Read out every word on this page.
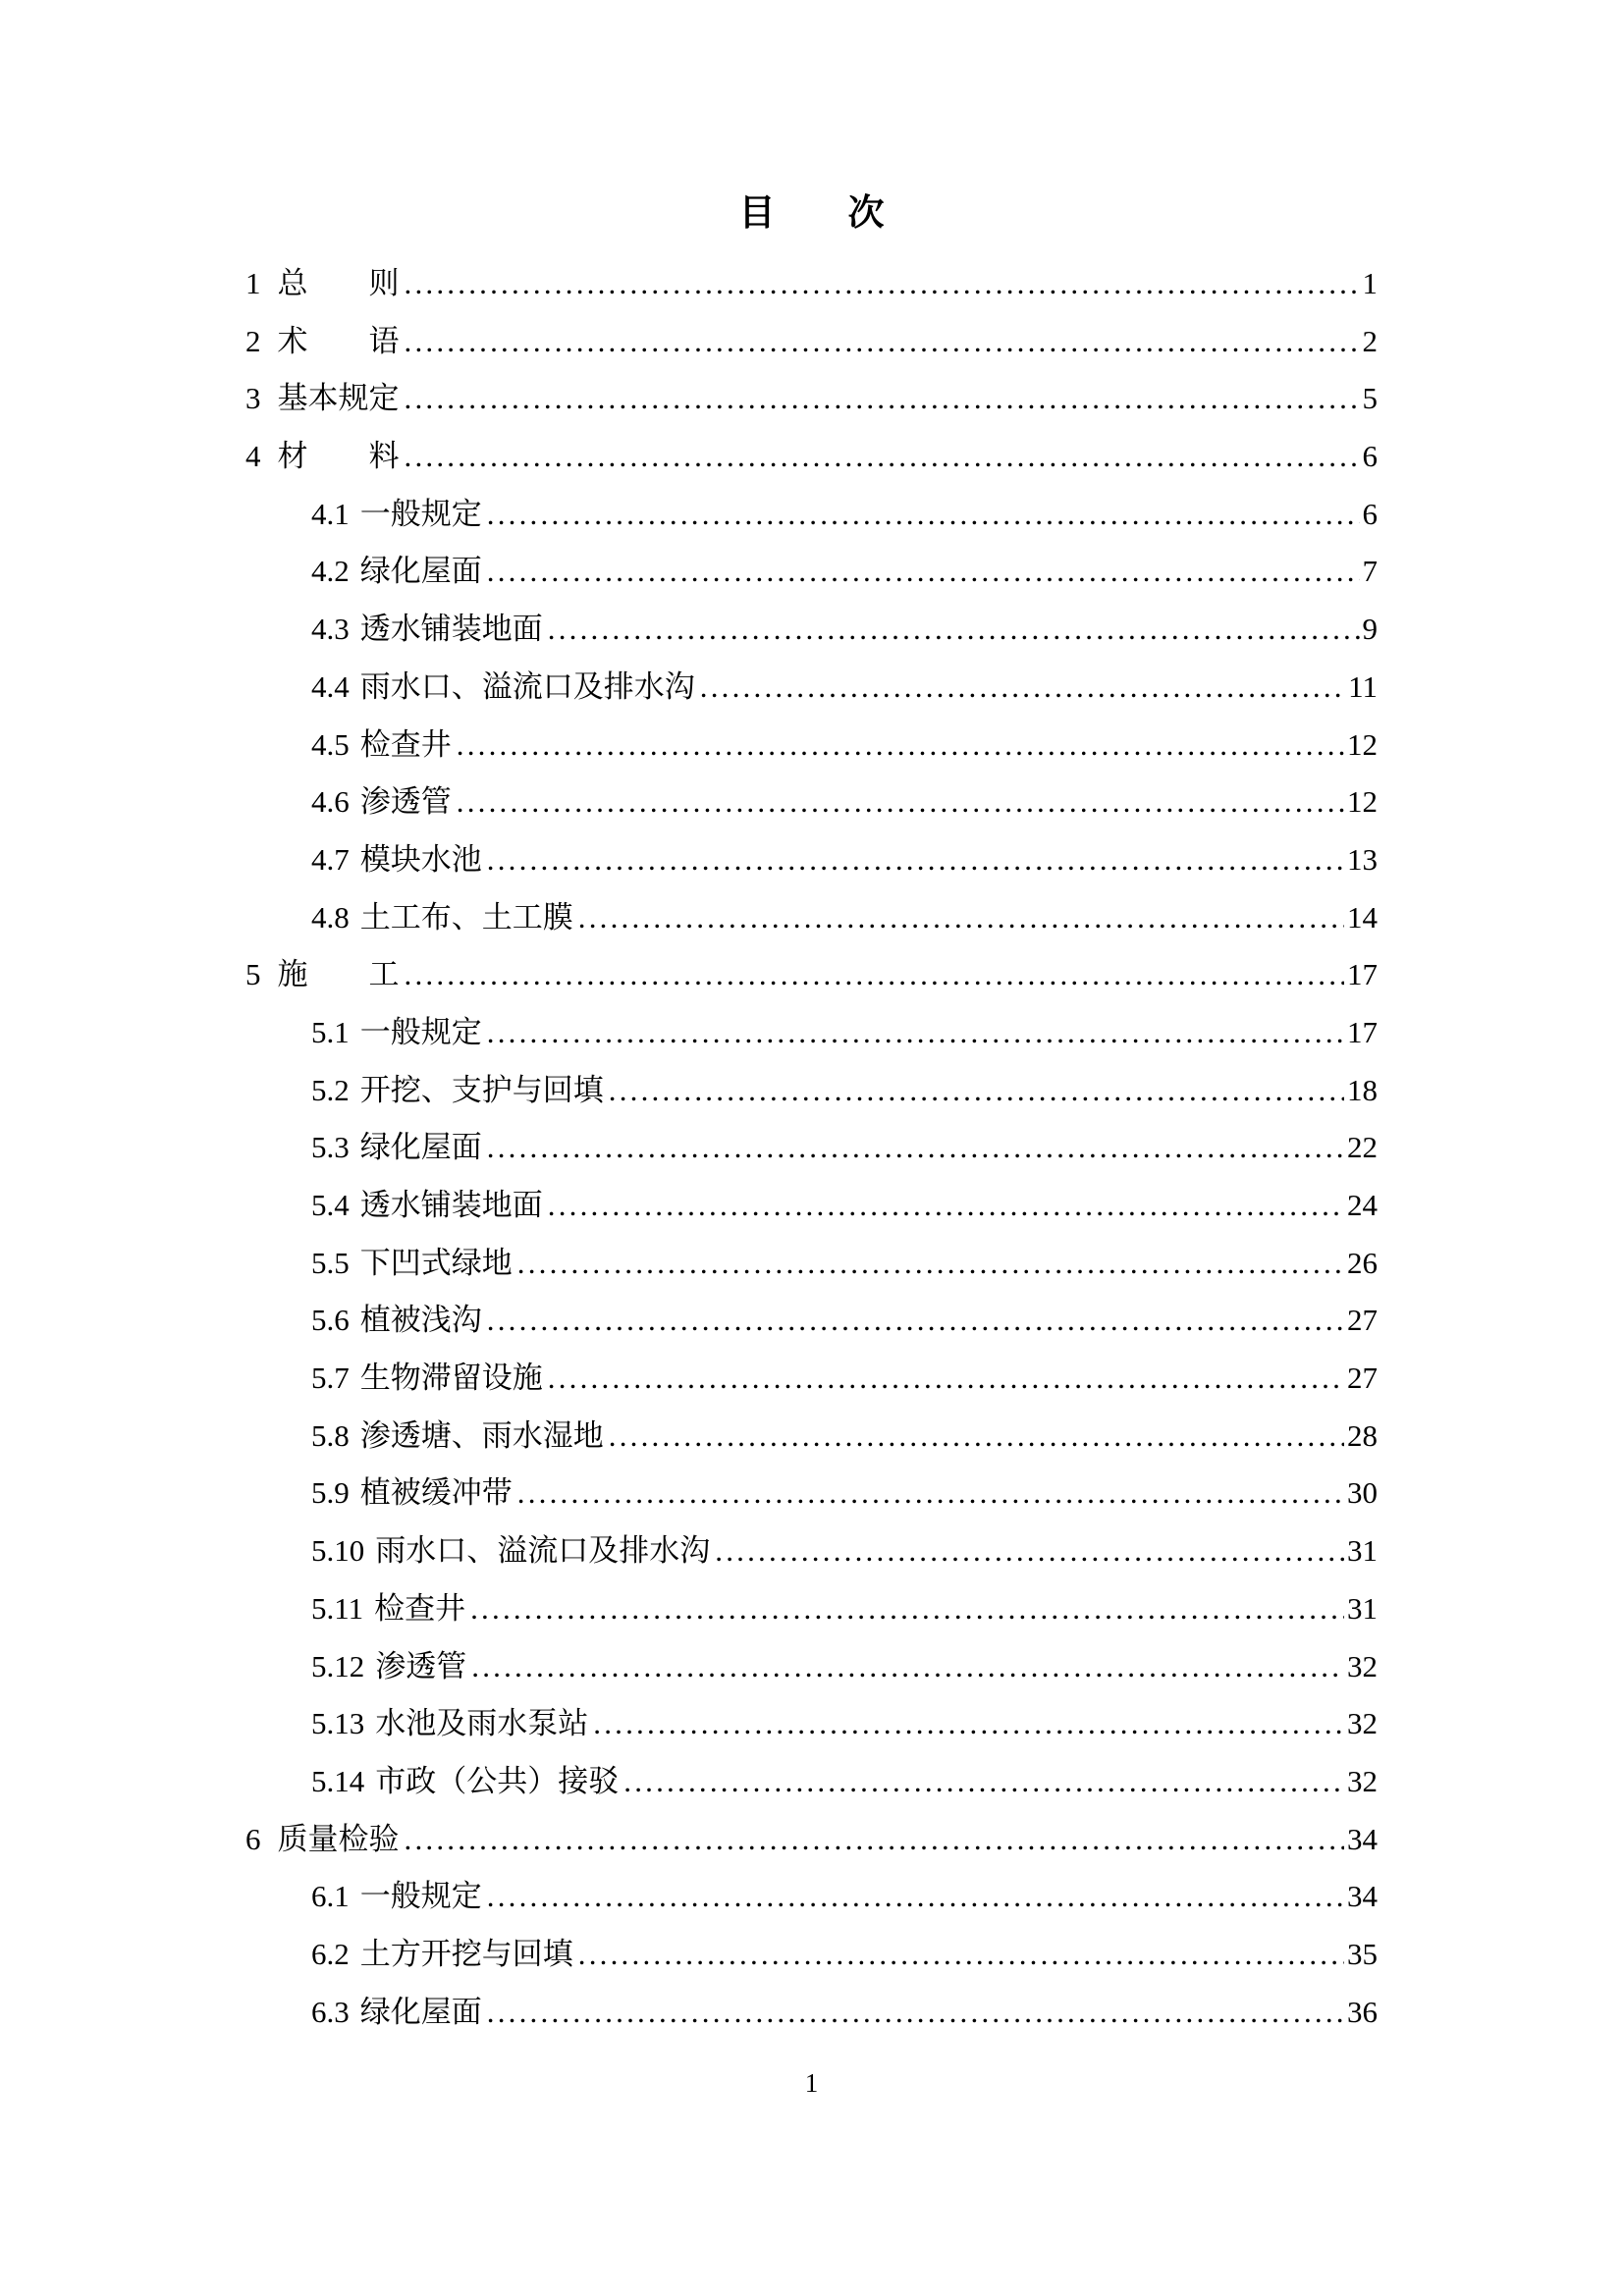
目　　次
1 总　　则 .....	1
2 术　　语 .....	2
3 基本规定 .....	5
4 材　　料 .....	6
4.1 一般规定 .....	6
4.2 绿化屋面 .....	7
4.3 透水铺装地面 .....	9
4.4 雨水口、溢流口及排水沟 .....	11
4.5 检查井 .....	12
4.6 渗透管 .....	12
4.7 模块水池 .....	13
4.8 土工布、土工膜 .....	14
5 施　　工 .....	17
5.1 一般规定 .....	17
5.2 开挖、支护与回填 .....	18
5.3 绿化屋面 .....	22
5.4 透水铺装地面 .....	24
5.5 下凹式绿地 .....	26
5.6 植被浅沟 .....	27
5.7 生物滞留设施 .....	27
5.8 渗透塘、雨水湿地 .....	28
5.9 植被缓冲带 .....	30
5.10 雨水口、溢流口及排水沟 .....	31
5.11 检查井 .....	31
5.12 渗透管 .....	32
5.13 水池及雨水泵站 .....	32
5.14 市政（公共）接驳 .....	32
6 质量检验 .....	34
6.1 一般规定 .....	34
6.2 土方开挖与回填 .....	35
6.3 绿化屋面 .....	36
1
